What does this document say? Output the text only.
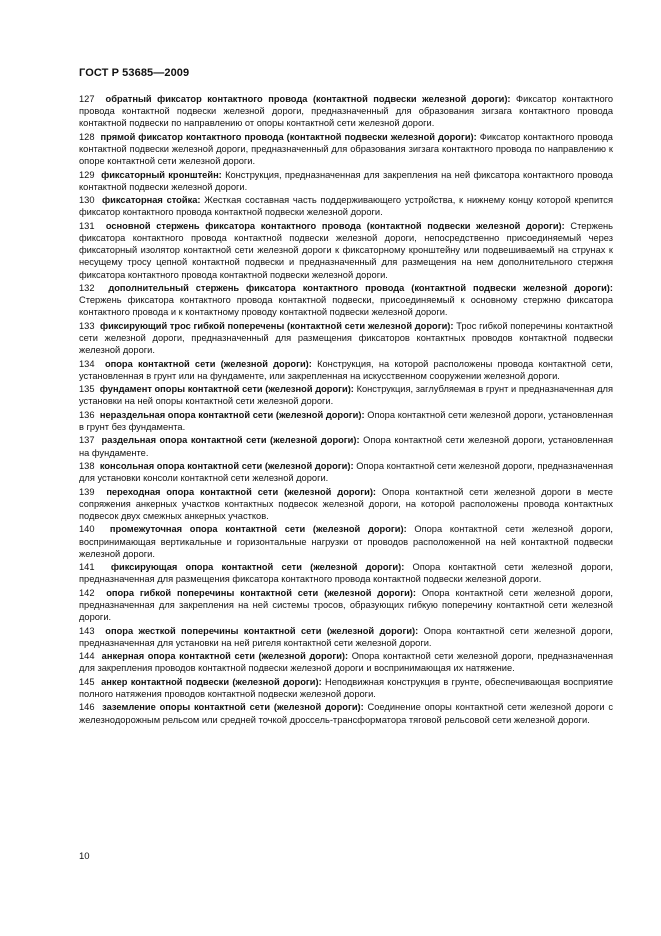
ГОСТ Р 53685—2009

127 обратный фиксатор контактного провода (контактной подвески железной дороги): Фиксатор контактного провода контактной подвески железной дороги, предназначенный для образования зигзага контактного провода контактной подвески по направлению от опоры контактной сети железной дороги.

128 прямой фиксатор контактного провода (контактной подвески железной дороги): Фиксатор контактного провода контактной подвески железной дороги, предназначенный для образования зигзага контактного провода по направлению к опоре контактной сети железной дороги.

129 фиксаторный кронштейн: Конструкция, предназначенная для закрепления на ней фиксатора контактного провода контактной подвески железной дороги.

130 фиксаторная стойка: Жесткая составная часть поддерживающего устройства, к нижнему концу которой крепится фиксатор контактного провода контактной подвески железной дороги.

131 основной стержень фиксатора контактного провода (контактной подвески железной дороги): Стержень фиксатора контактного провода контактной подвески железной дороги, непосредственно присоединяемый через фиксаторный изолятор контактной сети железной дороги к фиксаторному кронштейну или подвешиваемый на струнах к несущему тросу цепной контактной подвески и предназначенный для размещения на нем дополнительного стержня фиксатора контактного провода контактной подвески железной дороги.

132 дополнительный стержень фиксатора контактного провода (контактной подвески железной дороги): Стержень фиксатора контактного провода контактной подвески, присоединяемый к основному стержню фиксатора контактного провода и к контактному проводу контактной подвески железной дороги.

133 фиксирующий трос гибкой поперечены (контактной сети железной дороги): Трос гибкой поперечины контактной сети железной дороги, предназначенный для размещения фиксаторов контактных проводов контактной подвески железной дороги.

134 опора контактной сети (железной дороги): Конструкция, на которой расположены провода контактной сети, установленная в грунт или на фундаменте, или закрепленная на искусственном сооружении железной дороги.

135 фундамент опоры контактной сети (железной дороги): Конструкция, заглубляемая в грунт и предназначенная для установки на ней опоры контактной сети железной дороги.

136 нераздельная опора контактной сети (железной дороги): Опора контактной сети железной дороги, установленная в грунт без фундамента.

137 раздельная опора контактной сети (железной дороги): Опора контактной сети железной дороги, установленная на фундаменте.

138 консольная опора контактной сети (железной дороги): Опора контактной сети железной дороги, предназначенная для установки консоли контактной сети железной дороги.

139 переходная опора контактной сети (железной дороги): Опора контактной сети железной дороги в месте сопряжения анкерных участков контактных подвесок железной дороги, на которой расположены провода контактных подвесок двух смежных анкерных участков.

140 промежуточная опора контактной сети (железной дороги): Опора контактной сети железной дороги, воспринимающая вертикальные и горизонтальные нагрузки от проводов расположенной на ней контактной подвески железной дороги.

141 фиксирующая опора контактной сети (железной дороги): Опора контактной сети железной дороги, предназначенная для размещения фиксатора контактного провода контактной подвески железной дороги.

142 опора гибкой поперечины контактной сети (железной дороги): Опора контактной сети железной дороги, предназначенная для закрепления на ней системы тросов, образующих гибкую поперечину контактной сети железной дороги.

143 опора жесткой поперечины контактной сети (железной дороги): Опора контактной сети железной дороги, предназначенная для установки на ней ригеля контактной сети железной дороги.

144 анкерная опора контактной сети (железной дороги): Опора контактной сети железной дороги, предназначенная для закрепления проводов контактной подвески железной дороги и воспринимающая их натяжение.

145 анкер контактной подвески (железной дороги): Неподвижная конструкция в грунте, обеспечивающая восприятие полного натяжения проводов контактной подвески железной дороги.

146 заземление опоры контактной сети (железной дороги): Соединение опоры контактной сети железной дороги с железнодорожным рельсом или средней точкой дроссель-трансформатора тяговой рельсовой сети железной дороги.

10
